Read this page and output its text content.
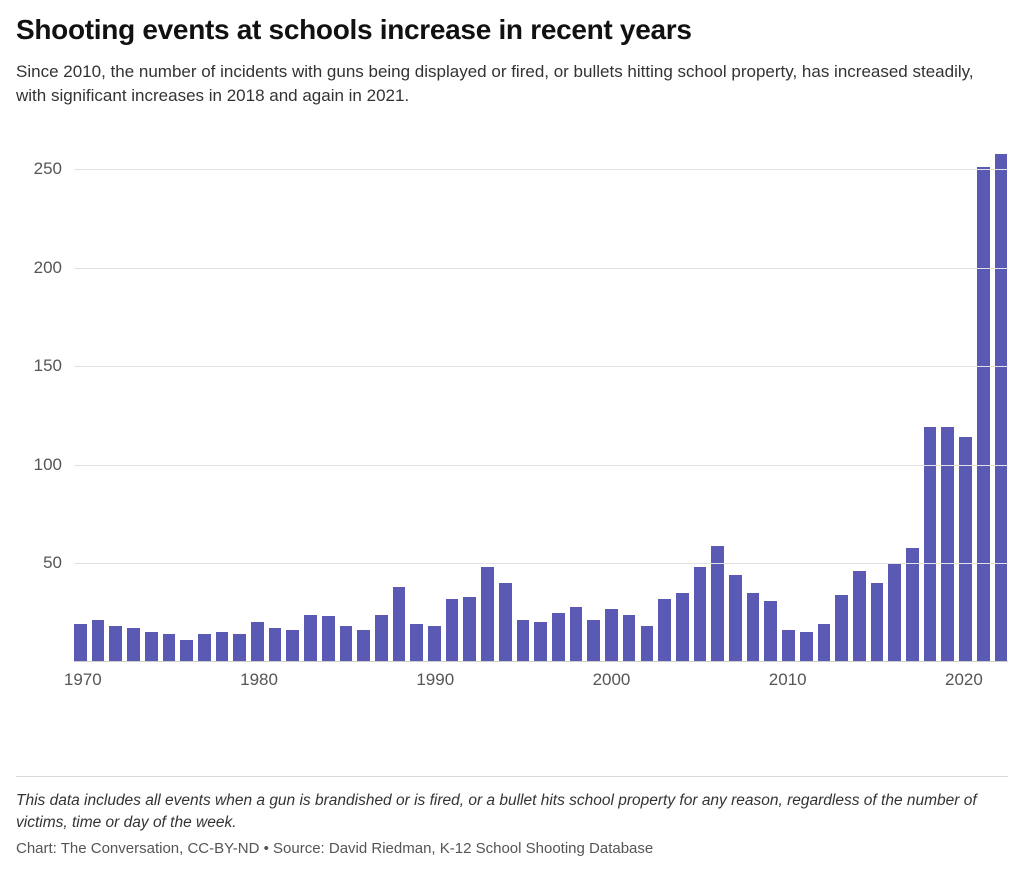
Shooting events at schools increase in recent years

Since 2010, the number of incidents with guns being displayed or fired, or bullets hitting school property, has increased steadily, with significant increases in 2018 and again in 2021.

50
100
150
200
250
1970	1980	1990	2000	2010	2020
This data includes all events when a gun is brandished or is fired, or a bullet hits school property for any reason, regardless of the number of victims, time or day of the week.
Chart: The Conversation, CC-BY-ND • Source: David Riedman, K-12 School Shooting Database
